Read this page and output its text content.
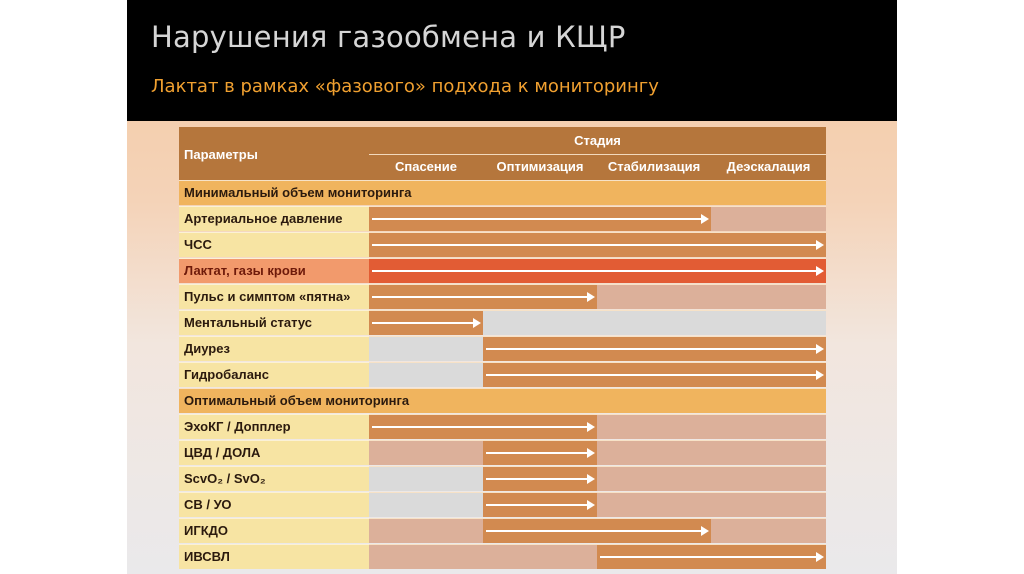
Нарушения газообмена и КЩР
Лактат в рамках «фазового» подхода к мониторингу
Параметры
Стадия
Спасение	Оптимизация	Стабилизация	Деэскалация
Минимальный объем мониторинга
Артериальное давление
ЧСС
Лактат, газы крови
Пульс и симптом «пятна»
Ментальный статус
Диурез
Гидробаланс
Оптимальный объем мониторинга
ЭхоКГ / Допплер
ЦВД / ДОЛА
ScvO₂ / SvO₂
СВ / УО
ИГКДО
ИВСВЛ
